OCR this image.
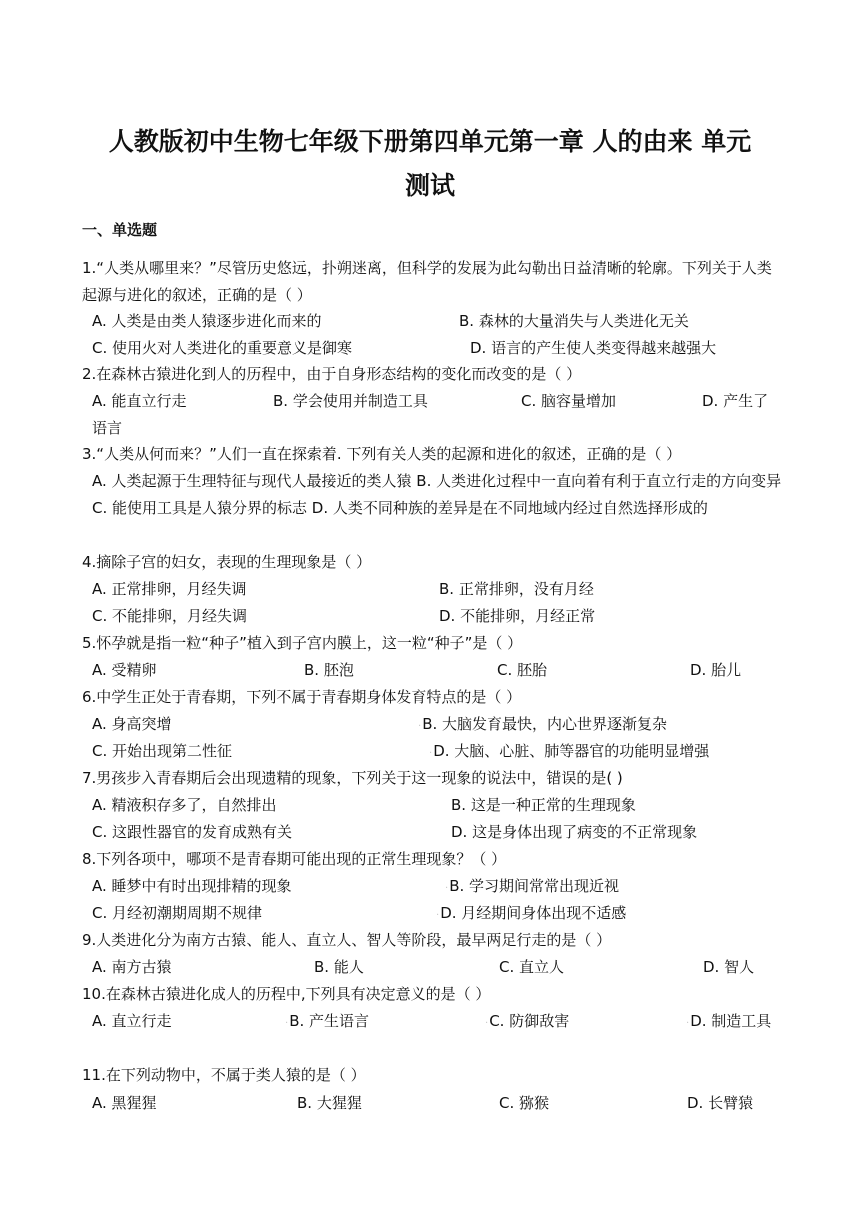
人教版初中生物七年级下册第四单元第一章 人的由来 单元
测试
一、单选题
1.“人类从哪里来？”尽管历史悠远，扑朔迷离，但科学的发展为此勾勒出日益清晰的轮廓。下列关于人类起源与进化的叙述，正确的是（ ）
A. 人类是由类人猿逐步进化而来的	B. 森林的大量消失与人类进化无关
C. 使用火对人类进化的重要意义是御寒	D. 语言的产生使人类变得越来越强大
2.在森林古猿进化到人的历程中，由于自身形态结构的变化而改变的是（ ）
A. 能直立行走	B. 学会使用并制造工具	C. 脑容量增加	D. 产生了语言
3.“人类从何而来？”人们一直在探索着. 下列有关人类的起源和进化的叙述，正确的是（ ）
A. 人类起源于生理特征与现代人最接近的类人猿 B. 人类进化过程中一直向着有利于直立行走的方向变异 C. 能使用工具是人猿分界的标志 D. 人类不同种族的差异是在不同地域内经过自然选择形成的
4.摘除子宫的妇女，表现的生理现象是（ ）
A. 正常排卵，月经失调	B. 正常排卵，没有月经
C. 不能排卵，月经失调	D. 不能排卵，月经正常
5.怀孕就是指一粒“种子”植入到子宫内膜上，这一粒“种子”是（ ）
A. 受精卵	B. 胚泡	C. 胚胎	D. 胎儿
6.中学生正处于青春期，下列不属于青春期身体发育特点的是（ ）
A. 身高突增	·B. 大脑发育最快，内心世界逐渐复杂
C. 开始出现第二性征	·D. 大脑、心脏、肺等器官的功能明显增强
7.男孩步入青春期后会出现遗精的现象，下列关于这一现象的说法中，错误的是( )
A. 精液积存多了，自然排出	B. 这是一种正常的生理现象
C. 这跟性器官的发育成熟有关	D. 这是身体出现了病变的不正常现象
8.下列各项中，哪项不是青春期可能出现的正常生理现象？（ ）
A. 睡梦中有时出现排精的现象	·B. 学习期间常常出现近视
C. 月经初潮期周期不规律	·D. 月经期间身体出现不适感
9.人类进化分为南方古猿、能人、直立人、智人等阶段，最早两足行走的是（ ）
A. 南方古猿	B. 能人	C. 直立人	D. 智人
10.在森林古猿进化成人的历程中,下列具有决定意义的是（ ）
A. 直立行走	·B. 产生语言	·C. 防御敌害	·D. 制造工具
11.在下列动物中，不属于类人猿的是（ ）
A. 黑猩猩	B. 大猩猩	C. 猕猴	D. 长臂猿
